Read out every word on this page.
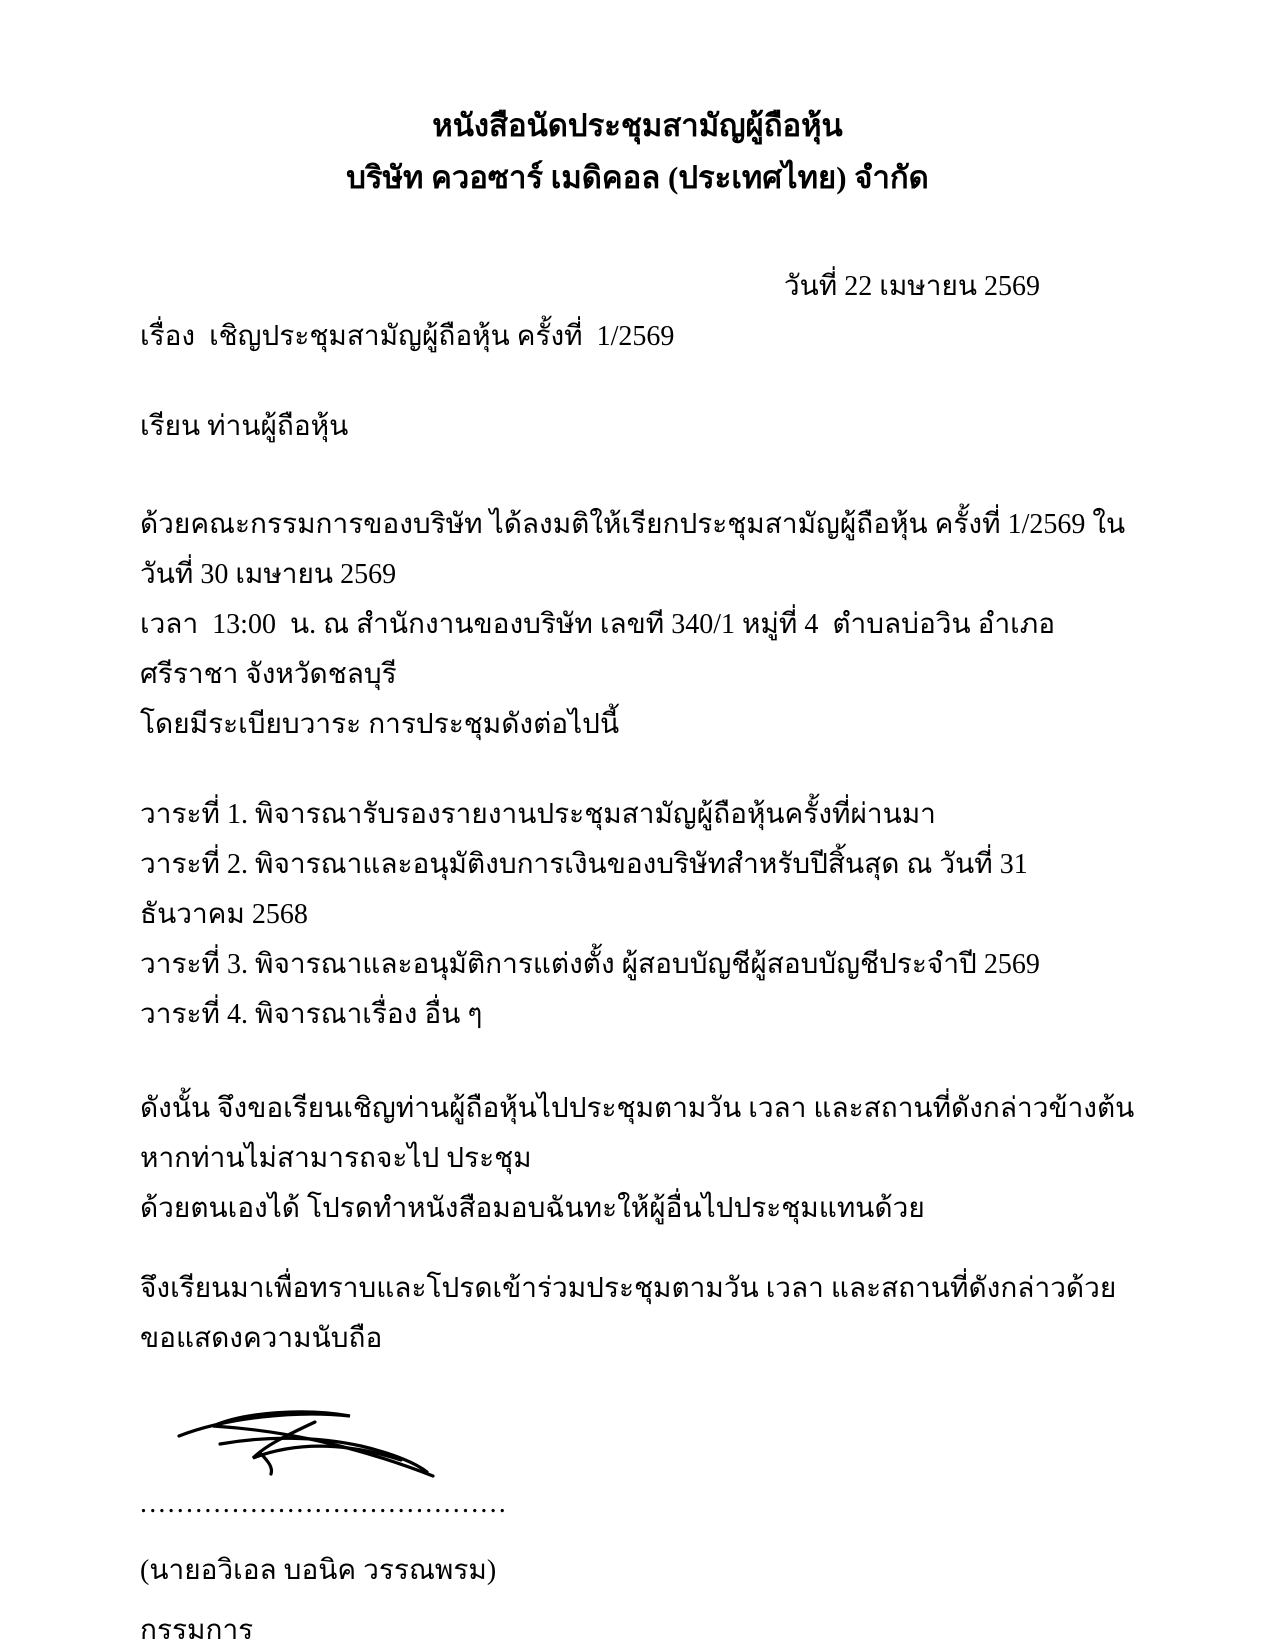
หนังสือนัดประชุมสามัญผู้ถือหุ้น
บริษัท ควอซาร์ เมดิคอล (ประเทศไทย) จำกัด
วันที่ 22 เมษายน 2569
เรื่อง  เชิญประชุมสามัญผู้ถือหุ้น ครั้งที่  1/2569
เรียน ท่านผู้ถือหุ้น
ด้วยคณะกรรมการของบริษัท ได้ลงมติให้เรียกประชุมสามัญผู้ถือหุ้น ครั้งที่ 1/2569 ในวันที่ 30 เมษายน 2569
เวลา  13:00  น. ณ สำนักงานของบริษัท เลขที 340/1 หมู่ที่ 4  ตำบลบ่อวิน อำเภอศรีราชา จังหวัดชลบุรี
โดยมีระเบียบวาระ การประชุมดังต่อไปนี้
วาระที่ 1. พิจารณารับรองรายงานประชุมสามัญผู้ถือหุ้นครั้งที่ผ่านมา
วาระที่ 2. พิจารณาและอนุมัติงบการเงินของบริษัทสำหรับปีสิ้นสุด ณ วันที่ 31 ธันวาคม 2568
วาระที่ 3. พิจารณาและอนุมัติการแต่งตั้ง ผู้สอบบัญชีผู้สอบบัญชีประจำปี 2569
วาระที่ 4. พิจารณาเรื่อง อื่น ๆ
ดังนั้น จึงขอเรียนเชิญท่านผู้ถือหุ้นไปประชุมตามวัน เวลา และสถานที่ดังกล่าวข้างต้น หากท่านไม่สามารถจะไป ประชุม
ด้วยตนเองได้ โปรดทำหนังสือมอบฉันทะให้ผู้อื่นไปประชุมแทนด้วย
จึงเรียนมาเพื่อทราบและโปรดเข้าร่วมประชุมตามวัน เวลา และสถานที่ดังกล่าวด้วย
ขอแสดงความนับถือ
........................................
(นายอวิเอล บอนิค วรรณพรม)
กรรมการ
